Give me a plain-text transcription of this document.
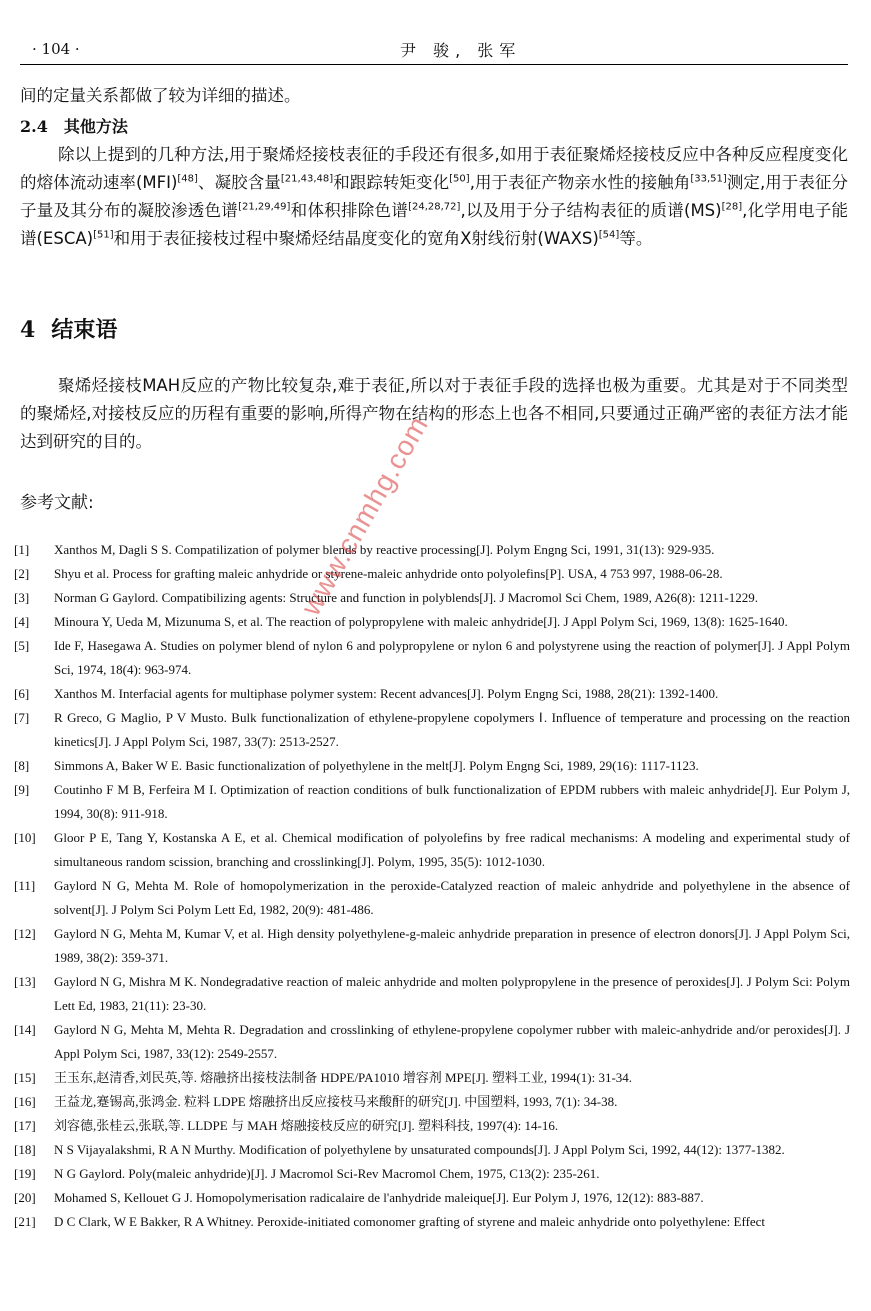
· 104 ·	尹 骏, 张军

间的定量关系都做了较为详细的描述。

2.4 其他方法

除以上提到的几种方法,用于聚烯烃接枝表征的手段还有很多,如用于表征聚烯烃接枝反应中各种反应程度变化的熔体流动速率(MFI)[48]、凝胶含量[21,43,48]和跟踪转矩变化[50],用于表征产物亲水性的接触角[33,51]测定,用于表征分子量及其分布的凝胶渗透色谱[21,29,49]和体积排除色谱[24,28,72],以及用于分子结构表征的质谱(MS)[28],化学用电子能谱(ESCA)[51]和用于表征接枝过程中聚烯烃结晶度变化的宽角X射线衍射(WAXS)[54]等。

4 结束语

聚烯烃接枝MAH反应的产物比较复杂,难于表征,所以对于表征手段的选择也极为重要。尤其是对于不同类型的聚烯烃,对接枝反应的历程有重要的影响,所得产物在结构的形态上也各不相同,只要通过正确严密的表征方法才能达到研究的目的。

参考文献:
[1]	Xanthos M, Dagli S S. Compatilization of polymer blends by reactive processing[J]. Polym Engng Sci, 1991, 31(13): 929-935.
[2]	Shyu et al. Process for grafting maleic anhydride or styrene-maleic anhydride onto polyolefins[P]. USA, 4 753 997, 1988-06-28.
[3]	Norman G Gaylord. Compatibilizing agents: Structure and function in polyblends[J]. J Macromol Sci Chem, 1989, A26(8): 1211-1229.
[4]	Minoura Y, Ueda M, Mizunuma S, et al. The reaction of polypropylene with maleic anhydride[J]. J Appl Polym Sci, 1969, 13(8): 1625-1640.
[5]	Ide F, Hasegawa A. Studies on polymer blend of nylon 6 and polypropylene or nylon 6 and polystyrene using the reaction of polymer[J]. J Appl Polym Sci, 1974, 18(4): 963-974.
[6]	Xanthos M. Interfacial agents for multiphase polymer system: Recent advances[J]. Polym Engng Sci, 1988, 28(21): 1392-1400.
[7]	R Greco, G Maglio, P V Musto. Bulk functionalization of ethylene-propylene copolymers Ⅰ. Influence of temperature and processing on the reaction kinetics[J]. J Appl Polym Sci, 1987, 33(7): 2513-2527.
[8]	Simmons A, Baker W E. Basic functionalization of polyethylene in the melt[J]. Polym Engng Sci, 1989, 29(16): 1117-1123.
[9]	Coutinho F M B, Ferfeira M I. Optimization of reaction conditions of bulk functionalization of EPDM rubbers with maleic anhydride[J]. Eur Polym J, 1994, 30(8): 911-918.
[10]	Gloor P E, Tang Y, Kostanska A E, et al. Chemical modification of polyolefins by free radical mechanisms: A modeling and experimental study of simultaneous random scission, branching and crosslinking[J]. Polym, 1995, 35(5): 1012-1030.
[11]	Gaylord N G, Mehta M. Role of homopolymerization in the peroxide-Catalyzed reaction of maleic anhydride and polyethylene in the absence of solvent[J]. J Polym Sci Polym Lett Ed, 1982, 20(9): 481-486.
[12]	Gaylord N G, Mehta M, Kumar V, et al. High density polyethylene-g-maleic anhydride preparation in presence of electron donors[J]. J Appl Polym Sci, 1989, 38(2): 359-371.
[13]	Gaylord N G, Mishra M K. Nondegradative reaction of maleic anhydride and molten polypropylene in the presence of peroxides[J]. J Polym Sci: Polym Lett Ed, 1983, 21(11): 23-30.
[14]	Gaylord N G, Mehta M, Mehta R. Degradation and crosslinking of ethylene-propylene copolymer rubber with maleic-anhydride and/or peroxides[J]. J Appl Polym Sci, 1987, 33(12): 2549-2557.
[15]	王玉东,赵清香,刘民英,等. 熔融挤出接枝法制备 HDPE/PA1010 增容剂 MPE[J]. 塑料工业, 1994(1): 31-34.
[16]	王益龙,蹇锡高,张鸿金. 粒料 LDPE 熔融挤出反应接枝马来酸酐的研究[J]. 中国塑料, 1993, 7(1): 34-38.
[17]	刘容德,张桂云,张联,等. LLDPE 与 MAH 熔融接枝反应的研究[J]. 塑料科技, 1997(4): 14-16.
[18]	N S Vijayalakshmi, R A N Murthy. Modification of polyethylene by unsaturated compounds[J]. J Appl Polym Sci, 1992, 44(12): 1377-1382.
[19]	N G Gaylord. Poly(maleic anhydride)[J]. J Macromol Sci-Rev Macromol Chem, 1975, C13(2): 235-261.
[20]	Mohamed S, Kellouet G J. Homopolymerisation radicalaire de l'anhydride maleique[J]. Eur Polym J, 1976, 12(12): 883-887.
[21]	D C Clark, W E Bakker, R A Whitney. Peroxide-initiated comonomer grafting of styrene and maleic anhydride onto polyethylene: Effect
www.cnmhg.com
